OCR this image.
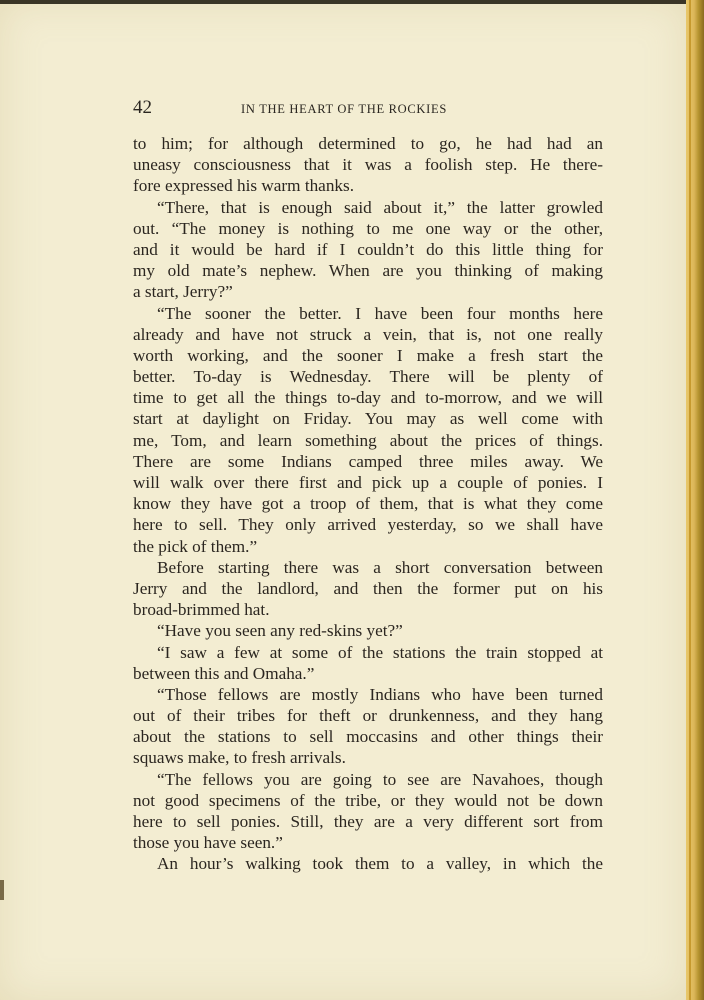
42	IN THE HEART OF THE ROCKIES
to him; for although determined to go, he had had an
uneasy consciousness that it was a foolish step. He there-
fore expressed his warm thanks.
“There, that is enough said about it,” the latter growled
out. “The money is nothing to me one way or the other,
and it would be hard if I couldn’t do this little thing for
my old mate’s nephew. When are you thinking of making
a start, Jerry?”
“The sooner the better. I have been four months here
already and have not struck a vein, that is, not one really
worth working, and the sooner I make a fresh start the
better. To-day is Wednesday. There will be plenty of
time to get all the things to-day and to-morrow, and we will
start at daylight on Friday. You may as well come with
me, Tom, and learn something about the prices of things.
There are some Indians camped three miles away. We
will walk over there first and pick up a couple of ponies. I
know they have got a troop of them, that is what they come
here to sell. They only arrived yesterday, so we shall have
the pick of them.”
Before starting there was a short conversation between
Jerry and the landlord, and then the former put on his
broad-brimmed hat.
“Have you seen any red-skins yet?”
“I saw a few at some of the stations the train stopped at
between this and Omaha.”
“Those fellows are mostly Indians who have been turned
out of their tribes for theft or drunkenness, and they hang
about the stations to sell moccasins and other things their
squaws make, to fresh arrivals.
“The fellows you are going to see are Navahoes, though
not good specimens of the tribe, or they would not be down
here to sell ponies. Still, they are a very different sort from
those you have seen.”
An hour’s walking took them to a valley, in which the
